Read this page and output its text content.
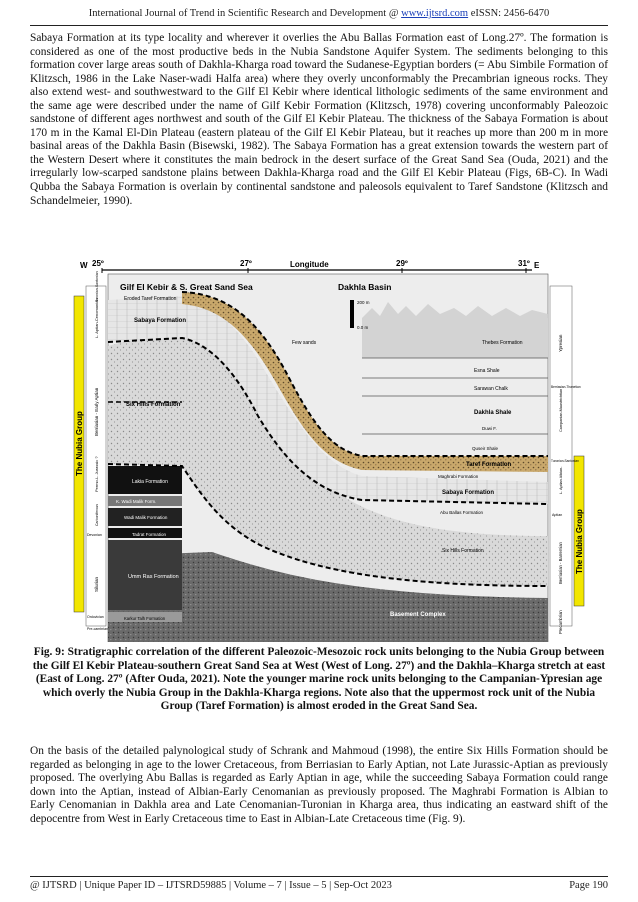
International Journal of Trend in Scientific Research and Development @ www.ijtsrd.com eISSN: 2456-6470

Sabaya Formation at its type locality and wherever it overlies the Abu Ballas Formation east of Long.27º. The formation is considered as one of the most productive beds in the Nubia Sandstone Aquifer System. The sediments belonging to this formation cover large areas south of Dakhla-Kharga road toward the Sudanese-Egyptian borders (= Abu Simbile Formation of Klitzsch, 1986 in the Lake Naser-wadi Halfa area) where they overly unconformably the Precambrian igneous rocks. They also extend west- and southwestward to the Gilf El Kebir where identical lithologic sediments of the same environment and the same age were described under the name of Gilf Kebir Formation (Klitzsch, 1978) covering unconformably Paleozoic sandstone of different ages northwest and south of the Gilf El Kebir Plateau. The thickness of the Sabaya Formation is about 170 m in the Kamal El-Din Plateau (eastern plateau of the Gilf El Kebir Plateau, but it reaches up more than 200 m in more basinal areas of the Dakhla Basin (Bisewski, 1982). The Sabaya Formation has a great extension towards the western part of the Western Desert where it constitutes the main bedrock in the desert surface of the Great Sand Sea (Ouda, 2021) and the irregularly low-scarped sandstone plains between Dakhla-Kharga road and the Gilf El Kebir Plateau (Figs, 6B-C). In Wadi Qubba the Sabaya Formation is overlain by continental sandstone and paleosols equivalent to Taref Sandstone (Klitzsch and Schandelmeier, 1990).

W 25º	27º	Longitude	29º	31º E
The Nubia Group
The Nubia Group
Turonian-Santonian
L. Aptian-Cenomanian
Berriasian - Early Aptian
Permo-L. Jurassic ?
Carboniferous
Devonian
Silurian
Ordovician
Pre-cambrian
Ypresian
Berriasian-Thanetian
Campanian-Maastrichtian
Turonian-Santonian
L. Aptian Albian-
Aptian
Berriasian - Barremian
Precambrian
Gilf El Kebir & S. Great Sand Sea	Dakhla Basin
Eroded Taref Formation
200 m
0.0 m
Few sands
Sabaya Formation
Six Hills Formation
Lakia Formation
K. Wadi Malik Form.
Wadi Malik Formation
Tadrat Formation
Umm Ras Formation
Karkur Talh Formation
Thebes Formation
Esna Shale
Sarawan Chalk
Dakhla Shale
Duwi F.
Quseir Shale
Taref Formation
Maghrabi Formation
Sabaya Formation
Abu Ballas Formation
Six Hills Formation
Basement Complex

Fig. 9: Stratigraphic correlation of the different Paleozoic-Mesozoic rock units belonging to the Nubia Group between the Gilf El Kebir Plateau-southern Great Sand Sea at West (West of Long. 27º) and the Dakhla–Kharga stretch at east (East of Long. 27º (After Ouda, 2021). Note the younger marine rock units belonging to the Campanian-Ypresian age which overly the Nubia Group in the Dakhla-Kharga regions. Note also that the uppermost rock unit of the Nubia Group (Taref Formation) is almost eroded in the Great Sand Sea.

On the basis of the detailed palynological study of Schrank and Mahmoud (1998), the entire Six Hills Formation should be regarded as belonging in age to the lower Cretaceous, from Berriasian to Early Aptian, not Late Jurassic-Aptian as previously proposed. The overlying Abu Ballas is regarded as Early Aptian in age, while the succeeding Sabaya Formation could range down into the Aptian, instead of Albian-Early Cenomanian as previously proposed. The Maghrabi Formation is Albian to Early Cenomanian in Dakhla area and Late Cenomanian-Turonian in Kharga area, thus indicating an eastward shift of the depocentre from West in Early Cretaceous time to East in Albian-Late Cretaceous time (Fig. 9).

@ IJTSRD | Unique Paper ID – IJTSRD59885 | Volume – 7 | Issue – 5 | Sep-Oct 2023	Page 190
